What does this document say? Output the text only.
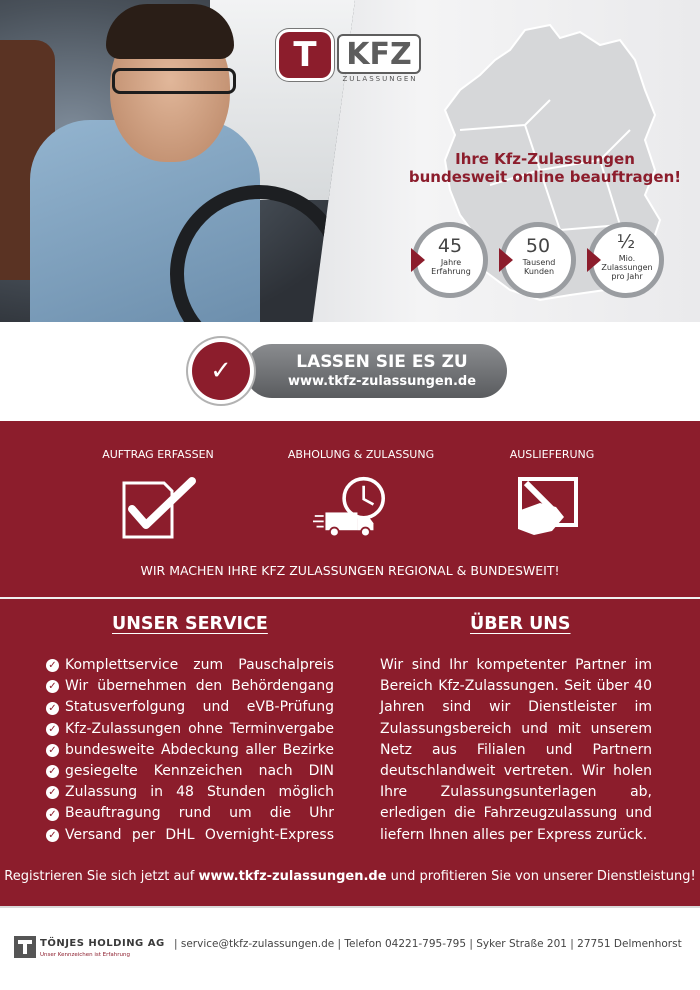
T KFZ
ZULASSUNGEN
Ihre Kfz-Zulassungen
bundesweit online beauftragen!
45
Jahre Erfahrung
50
Tausend Kunden
½
Mio. Zulassungen pro Jahr
LASSEN SIE ES ZU
www.tkfz-zulassungen.de
✓
AUFTRAG ERFASSEN	ABHOLUNG & ZULASSUNG	AUSLIEFERUNG
WIR MACHEN IHRE KFZ ZULASSUNGEN REGIONAL & BUNDESWEIT!
UNSER SERVICE	ÜBER UNS
✓ Komplettservice zum Pauschalpreis
✓ Wir übernehmen den Behördengang
✓ Statusverfolgung und eVB-Prüfung
✓ Kfz-Zulassungen ohne Terminvergabe
✓ bundesweite Abdeckung aller Bezirke
✓ gesiegelte Kennzeichen nach DIN
✓ Zulassung in 48 Stunden möglich
✓ Beauftragung rund um die Uhr
✓ Versand per DHL Overnight-Express
Wir sind Ihr kompetenter Partner im Bereich Kfz-Zulassungen. Seit über 40 Jahren sind wir Dienstleister im Zulassungsbereich und mit unserem Netz aus Filialen und Partnern deutschlandweit vertreten. Wir holen Ihre Zulassungsunterlagen ab, erledigen die Fahrzeugzulassung und liefern Ihnen alles per Express zurück.
Registrieren Sie sich jetzt auf www.tkfz-zulassungen.de und profitieren Sie von unserer Dienstleistung!
TÖNJES HOLDING AG
Unser Kennzeichen ist Erfahrung
| service@tkfz-zulassungen.de | Telefon 04221-795-795 | Syker Straße 201 | 27751 Delmenhorst
